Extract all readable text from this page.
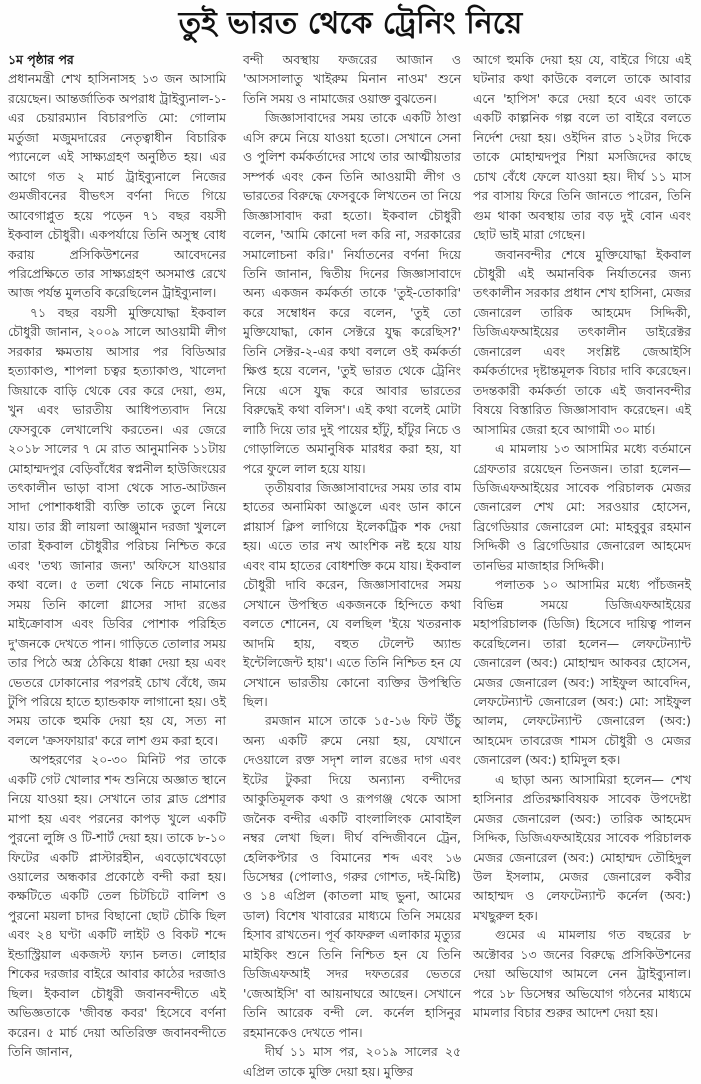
তুই ভারত থেকে ট্রেনিং নিয়ে
১ম পৃষ্ঠার পর

প্রধানমন্ত্রী শেখ হাসিনাসহ ১৩ জন আসামি রয়েছেন। আন্তর্জাতিক অপরাধ ট্রাইব্যুনাল-১-এর চেয়ারম্যান বিচারপতি মো: গোলাম মর্তুজা মজুমদারের নেতৃত্বাধীন বিচারিক প্যানেলে এই সাক্ষ্যগ্রহণ অনুষ্ঠিত হয়। এর আগে গত ২ মার্চ ট্রাইব্যুনালে নিজের গুমজীবনের বীভৎস বর্ণনা দিতে গিয়ে আবেগাপ্লুত হয়ে পড়েন ৭১ বছর বয়সী ইকবাল চৌধুরী। একপর্যায়ে তিনি অসুস্থ বোধ করায় প্রসিকিউশনের আবেদনের পরিপ্রেক্ষিতে তার সাক্ষ্যগ্রহণ অসমাপ্ত রেখে আজ পর্যন্ত মুলতবি করেছিলেন ট্রাইব্যুনাল।

৭১ বছর বয়সী মুক্তিযোদ্ধা ইকবাল চৌধুরী জানান, ২০০৯ সালে আওয়ামী লীগ সরকার ক্ষমতায় আসার পর বিডিআর হত্যাকাণ্ড, শাপলা চত্বর হত্যাকাণ্ড, খালেদা জিয়াকে বাড়ি থেকে বের করে দেয়া, গুম, খুন এবং ভারতীয় আধিপত্যবাদ নিয়ে ফেসবুকে লেখালেখি করতেন। এর জেরে ২০১৮ সালের ৭ মে রাত আনুমানিক ১১টায় মোহাম্মদপুর বেড়িবাঁধের স্বপ্ননীল হাউজিংয়ের তৎকালীন ভাড়া বাসা থেকে সাত-আটজন সাদা পোশাকধারী ব্যক্তি তাকে তুলে নিয়ে যায়। তার স্ত্রী লায়লা আঞ্জুমান দরজা খুললে তারা ইকবাল চৌধুরীর পরিচয় নিশ্চিত করে এবং 'তথ্য জানার জন্য' অফিসে যাওয়ার কথা বলে। ৫ তলা থেকে নিচে নামানোর সময় তিনি কালো গ্লাসের সাদা রঙের মাইক্রোবাস এবং ডিবির পোশাক পরিহিত দু'জনকে দেখতে পান। গাড়িতে তোলার সময় তার পিঠে অস্ত্র ঠেকিয়ে ধাক্কা দেয়া হয় এবং ভেতরে ঢোকানোর পরপরই চোখ বেঁধে, জম টুপি পরিয়ে হাতে হ্যান্ডকাফ লাগানো হয়। ওই সময় তাকে হুমকি দেয়া হয় যে, সত্য না বললে 'ক্রসফায়ার' করে লাশ গুম করা হবে।

অপহরণের ২০-৩০ মিনিট পর তাকে একটি গেট খোলার শব্দ শুনিয়ে অজ্ঞাত স্থানে নিয়ে যাওয়া হয়। সেখানে তার ব্লাড প্রেশার মাপা হয় এবং পরনের কাপড় খুলে একটি পুরনো লুঙ্গি ও টি-শার্ট দেয়া হয়। তাকে ৮-১০ ফিটের একটি প্লাস্টারহীন, এবড়োখেবড়ো ওয়ালের অন্ধকার প্রকোষ্ঠে বন্দী করা হয়। কক্ষটিতে একটি তেল চিটচিটে বালিশ ও পুরনো ময়লা চাদর বিছানো ছোট চৌকি ছিল এবং ২৪ ঘণ্টা একটি লাইট ও বিকট শব্দে ইন্ডাস্ট্রিয়াল একজস্ট ফ্যান চলত। লোহার শিকের দরজার বাইরে আবার কাঠের দরজাও ছিল। ইকবাল চৌধুরী জবানবন্দীতে এই অভিজ্ঞতাকে 'জীবন্ত কবর' হিসেবে বর্ণনা করেন। ৫ মার্চ দেয়া অতিরিক্ত জবানবন্দীতে তিনি জানান,

বন্দী অবস্থায় ফজরের আজান ও 'আসসালাতু খাইরুম মিনান নাওম' শুনে তিনি সময় ও নামাজের ওয়াক্ত বুঝতেন।

জিজ্ঞাসাবাদের সময় তাকে একটি ঠাণ্ডা এসি রুমে নিয়ে যাওয়া হতো। সেখানে সেনা ও পুলিশ কর্মকর্তাদের সাথে তার আত্মীয়তার সম্পর্ক এবং কেন তিনি আওয়ামী লীগ ও ভারতের বিরুদ্ধে ফেসবুকে লিখতেন তা নিয়ে জিজ্ঞাসাবাদ করা হতো। ইকবাল চৌধুরী বলেন, 'আমি কোনো দল করি না, সরকারের সমালোচনা করি।' নির্যাতনের বর্ণনা দিয়ে তিনি জানান, দ্বিতীয় দিনের জিজ্ঞাসাবাদে অন্য একজন কর্মকর্তা তাকে 'তুই-তোকারি' করে সম্বোধন করে বলেন, 'তুই তো মুক্তিযোদ্ধা, কোন সেক্টরে যুদ্ধ করেছিস?' তিনি সেক্টর-২-এর কথা বললে ওই কর্মকর্তা ক্ষিপ্ত হয়ে বলেন, 'তুই ভারত থেকে ট্রেনিং নিয়ে এসে যুদ্ধ করে আবার ভারতের বিরুদ্ধেই কথা বলিস'। এই কথা বলেই মোটা লাঠি দিয়ে তার দুই পায়ের হাঁটু, হাঁটুর নিচে ও গোড়ালিতে অমানুষিক মারধর করা হয়, যা পরে ফুলে লাল হয়ে যায়।

তৃতীয়বার জিজ্ঞাসাবাদের সময় তার বাম হাতের অনামিকা আঙুলে এবং ডান কানে প্লায়ার্স ক্লিপ লাগিয়ে ইলেকট্রিক শক দেয়া হয়। এতে তার নখ আংশিক নষ্ট হয়ে যায় এবং বাম হাতের বোধশক্তি কমে যায়। ইকবাল চৌধুরী দাবি করেন, জিজ্ঞাসাবাদের সময় সেখানে উপস্থিত একজনকে হিন্দিতে কথা বলতে শোনেন, যে বলছিল 'ইয়ে খতরনাক আদমি হায়, বহুত টেলেন্ট অ্যান্ড ইন্টেলিজেন্ট হায়'। এতে তিনি নিশ্চিত হন যে সেখানে ভারতীয় কোনো ব্যক্তির উপস্থিতি ছিল।

রমজান মাসে তাকে ১৫-১৬ ফিট উঁচু অন্য একটি রুমে নেয়া হয়, যেখানে দেওয়ালে রক্ত সদৃশ লাল রঙের দাগ এবং ইটের টুকরা দিয়ে অন্যান্য বন্দীদের আকুতিমূলক কথা ও রূপগঞ্জ থেকে আসা জনৈক বন্দীর একটি বাংলালিংক মোবাইল নম্বর লেখা ছিল। দীর্ঘ বন্দিজীবনে ট্রেন, হেলিকপ্টার ও বিমানের শব্দ এবং ১৬ ডিসেম্বর (পোলাও, গরুর গোশত, দই-মিষ্টি) ও ১৪ এপ্রিল (কাতলা মাছ ভুনা, আমের ডাল) বিশেষ খাবারের মাধ্যমে তিনি সময়ের হিসাব রাখতেন। পূর্ব কাফরুল এলাকার মৃত্যুর মাইকিং শুনে তিনি নিশ্চিত হন যে তিনি ডিজিএফআই সদর দফতরের ভেতরে 'জেআইসি' বা আয়নাঘরে আছেন। সেখানে তিনি আরেক বন্দী লে. কর্নেল হাসিনুর রহমানকেও দেখতে পান।

দীর্ঘ ১১ মাস পর, ২০১৯ সালের ২৫ এপ্রিল তাকে মুক্তি দেয়া হয়। মুক্তির

আগে হুমকি দেয়া হয় যে, বাইরে গিয়ে এই ঘটনার কথা কাউকে বললে তাকে আবার এনে 'হাপিস' করে দেয়া হবে এবং তাকে একটি কাল্পনিক গল্প বলে তা বাইরে বলতে নির্দেশ দেয়া হয়। ওইদিন রাত ১২টার দিকে তাকে মোহাম্মদপুর শিয়া মসজিদের কাছে চোখ বেঁধে ফেলে যাওয়া হয়। দীর্ঘ ১১ মাস পর বাসায় ফিরে তিনি জানতে পারেন, তিনি গুম থাকা অবস্থায় তার বড় দুই বোন এবং ছোট ভাই মারা গেছেন।

জবানবন্দীর শেষে মুক্তিযোদ্ধা ইকবাল চৌধুরী এই অমানবিক নির্যাতনের জন্য তৎকালীন সরকার প্রধান শেখ হাসিনা, মেজর জেনারেল তারিক আহমেদ সিদ্দিকী, ডিজিএফআইয়ের তৎকালীন ডাইরেক্টর জেনারেল এবং সংশ্লিষ্ট জেআইসি কর্মকর্তাদের দৃষ্টান্তমূলক বিচার দাবি করেছেন। তদন্তকারী কর্মকর্তা তাকে এই জবানবন্দীর বিষয়ে বিস্তারিত জিজ্ঞাসাবাদ করেছেন। এই আসামির জেরা হবে আগামী ৩০ মার্চ।

এ মামলায় ১৩ আসামির মধ্যে বর্তমানে গ্রেফতার রয়েছেন তিনজন। তারা হলেন— ডিজিএফআইয়ের সাবেক পরিচালক মেজর জেনারেল শেখ মো: সরওয়ার হোসেন, ব্রিগেডিয়ার জেনারেল মো: মাহবুবুর রহমান সিদ্দিকী ও ব্রিগেডিয়ার জেনারেল আহমেদ তানভির মাজাহার সিদ্দিকী।

পলাতক ১০ আসামির মধ্যে পাঁচজনই বিভিন্ন সময়ে ডিজিএফআইয়ের মহাপরিচালক (ডিজি) হিসেবে দায়িত্ব পালন করেছিলেন। তারা হলেন— লেফটেন্যান্ট জেনারেল (অব:) মোহাম্মদ আকবর হোসেন, মেজর জেনারেল (অব:) সাইফুল আবেদিন, লেফটেন্যান্ট জেনারেল (অব:) মো: সাইফুল আলম, লেফটেন্যান্ট জেনারেল (অব:) আহমেদ তাবরেজ শামস চৌধুরী ও মেজর জেনারেল (অব:) হামিদুল হক।

এ ছাড়া অন্য আসামিরা হলেন— শেখ হাসিনার প্রতিরক্ষাবিষয়ক সাবেক উপদেষ্টা মেজর জেনারেল (অব:) তারিক আহমেদ সিদ্দিক, ডিজিএফআইয়ের সাবেক পরিচালক মেজর জেনারেল (অব:) মোহাম্মদ তৌহিদুল উল ইসলাম, মেজর জেনারেল কবীর আহাম্মদ ও লেফটেন্যান্ট কর্নেল (অব:) মখছুরুল হক।

গুমের এ মামলায় গত বছরের ৮ অক্টোবর ১৩ জনের বিরুদ্ধে প্রসিকিউশনের দেয়া অভিযোগ আমলে নেন ট্রাইব্যুনাল। পরে ১৮ ডিসেম্বর অভিযোগ গঠনের মাধ্যমে মামলার বিচার শুরুর আদেশ দেয়া হয়।
